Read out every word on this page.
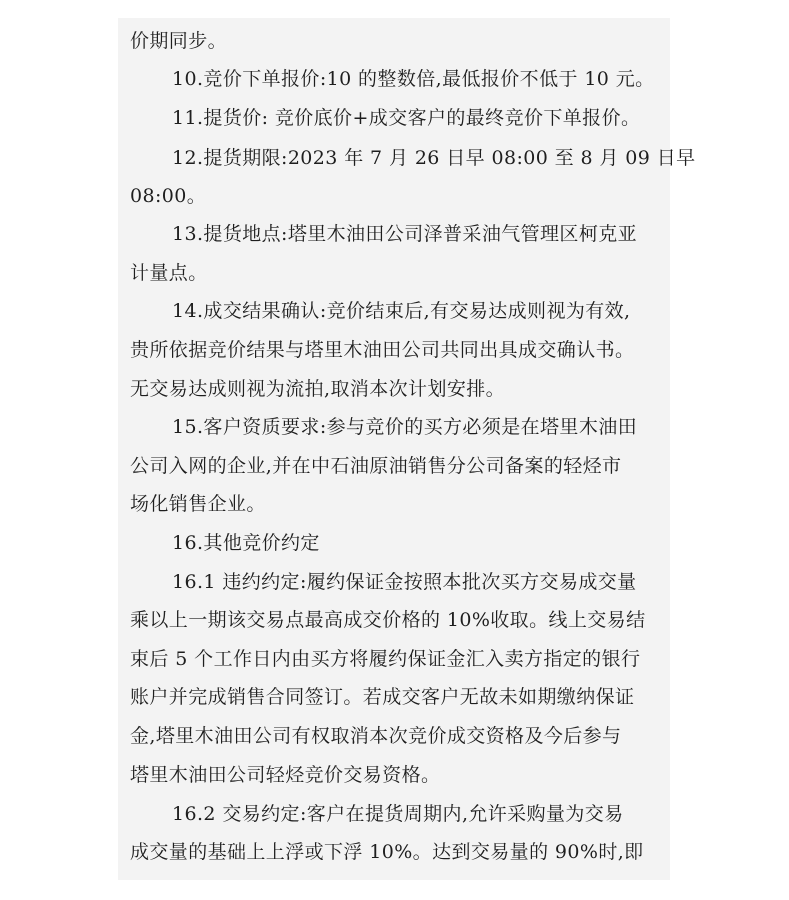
价期同步。
10.竞价下单报价:10 的整数倍,最低报价不低于 10 元。
11.提货价: 竞价底价+成交客户的最终竞价下单报价。
12.提货期限:2023 年 7 月 26 日早 08:00 至 8 月 09 日早
08:00。
13.提货地点:塔里木油田公司泽普采油气管理区柯克亚
计量点。
14.成交结果确认:竞价结束后,有交易达成则视为有效,
贵所依据竞价结果与塔里木油田公司共同出具成交确认书。
无交易达成则视为流拍,取消本次计划安排。
15.客户资质要求:参与竞价的买方必须是在塔里木油田
公司入网的企业,并在中石油原油销售分公司备案的轻烃市
场化销售企业。
16.其他竞价约定
16.1 违约约定:履约保证金按照本批次买方交易成交量
乘以上一期该交易点最高成交价格的 10%收取。线上交易结
束后 5 个工作日内由买方将履约保证金汇入卖方指定的银行
账户并完成销售合同签订。若成交客户无故未如期缴纳保证
金,塔里木油田公司有权取消本次竞价成交资格及今后参与
塔里木油田公司轻烃竞价交易资格。
16.2 交易约定:客户在提货周期内,允许采购量为交易
成交量的基础上上浮或下浮 10%。达到交易量的 90%时,即
